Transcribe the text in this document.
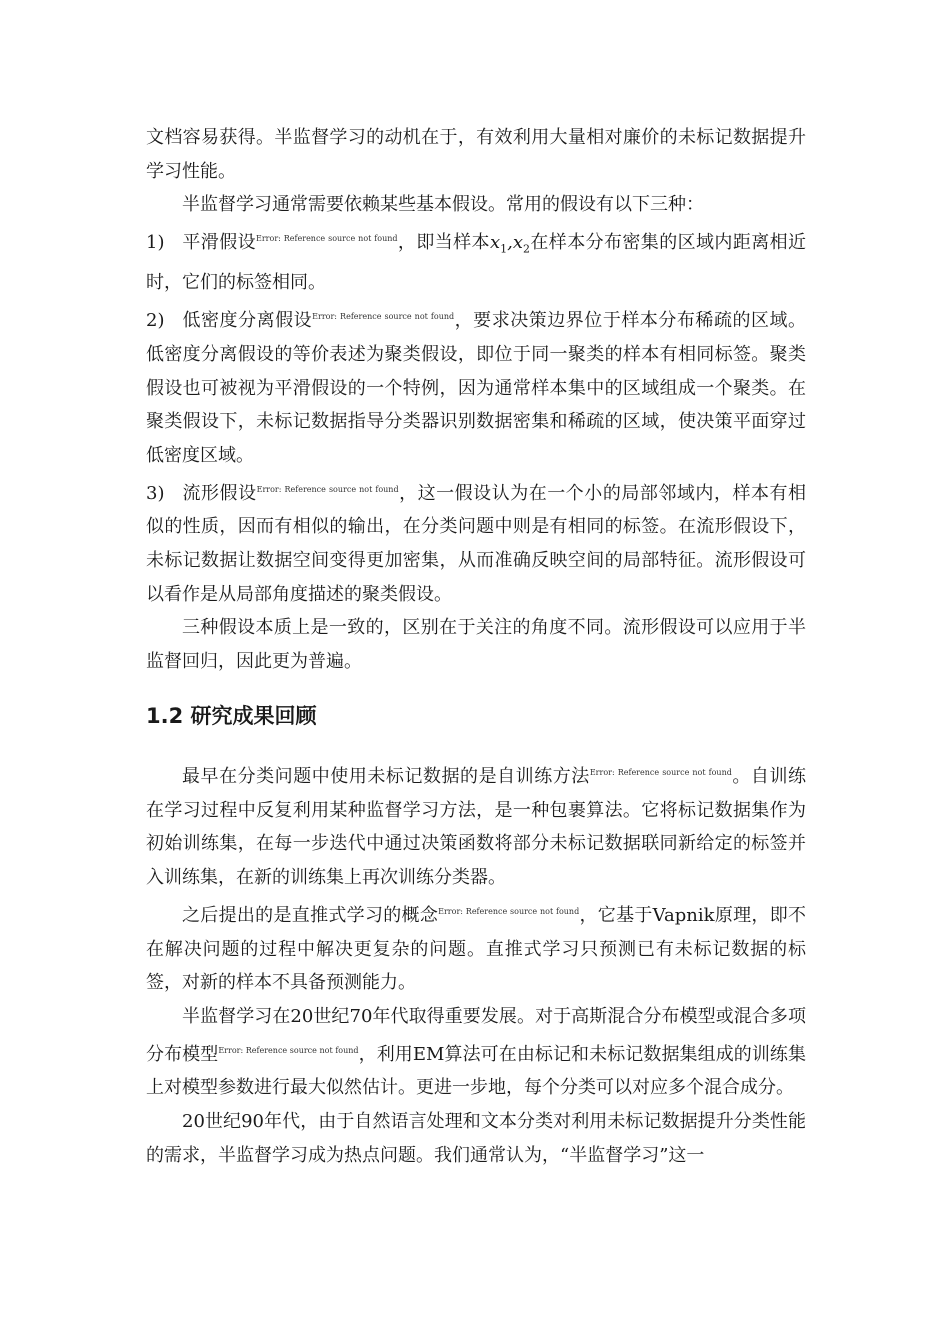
文档容易获得。半监督学习的动机在于，有效利用大量相对廉价的未标记数据提升学习性能。

半监督学习通常需要依赖某些基本假设。常用的假设有以下三种：

1) 平滑假设$^{Error: Reference source not found}$，即当样本$x_1,x_2$在样本分布密集的区域内距离相近时，它们的标签相同。

2) 低密度分离假设$^{Error: Reference source not found}$，要求决策边界位于样本分布稀疏的区域。低密度分离假设的等价表述为聚类假设，即位于同一聚类的样本有相同标签。聚类假设也可被视为平滑假设的一个特例，因为通常样本集中的区域组成一个聚类。在聚类假设下，未标记数据指导分类器识别数据密集和稀疏的区域，使决策平面穿过低密度区域。

3) 流形假设$^{Error: Reference source not found}$，这一假设认为在一个小的局部邻域内，样本有相似的性质，因而有相似的输出，在分类问题中则是有相同的标签。在流形假设下，未标记数据让数据空间变得更加密集，从而准确反映空间的局部特征。流形假设可以看作是从局部角度描述的聚类假设。

三种假设本质上是一致的，区别在于关注的角度不同。流形假设可以应用于半监督回归，因此更为普遍。

1.2 研究成果回顾

最早在分类问题中使用未标记数据的是自训练方法$^{Error: Reference source not found}$。自训练在学习过程中反复利用某种监督学习方法，是一种包裹算法。它将标记数据集作为初始训练集，在每一步迭代中通过决策函数将部分未标记数据联同新给定的标签并入训练集，在新的训练集上再次训练分类器。

之后提出的是直推式学习的概念$^{Error: Reference source not found}$，它基于Vapnik原理，即不在解决问题的过程中解决更复杂的问题。直推式学习只预测已有未标记数据的标签，对新的样本不具备预测能力。

半监督学习在20世纪70年代取得重要发展。对于高斯混合分布模型或混合多项分布模型$^{Error: Reference source not found}$，利用EM算法可在由标记和未标记数据集组成的训练集上对模型参数进行最大似然估计。更进一步地，每个分类可以对应多个混合成分。

20世纪90年代，由于自然语言处理和文本分类对利用未标记数据提升分类性能的需求，半监督学习成为热点问题。我们通常认为，“半监督学习”这一
